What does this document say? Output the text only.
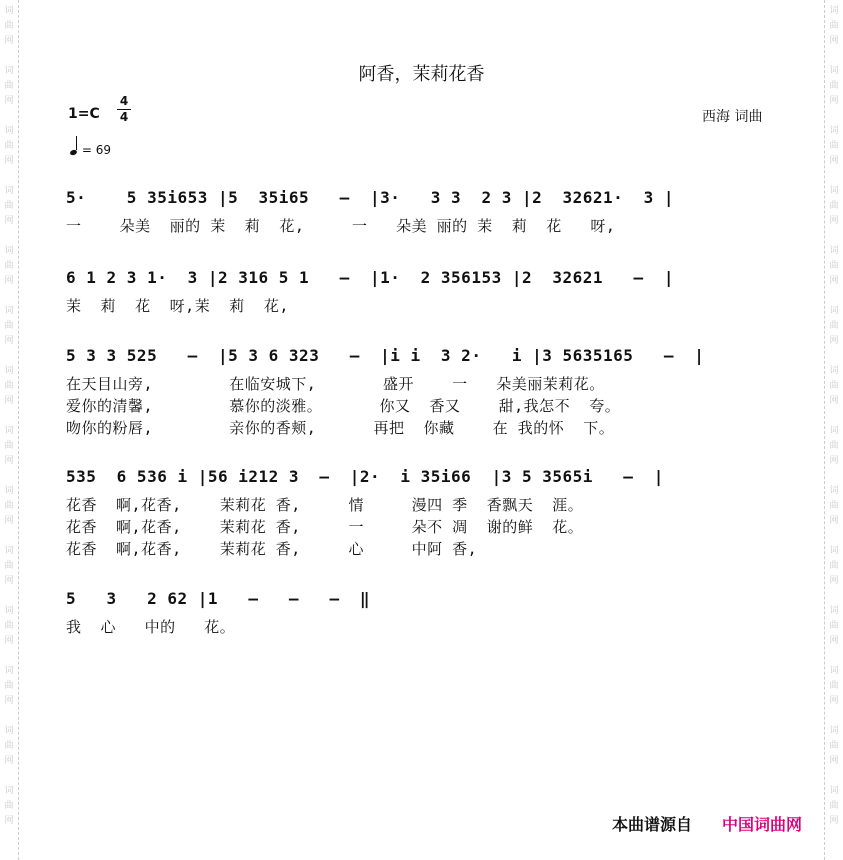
词
曲
网
词
曲
网
词
曲
网
词
曲
网
词
曲
网
词
曲
网
词
曲
网
词
曲
网
词
曲
网
词
曲
网
词
曲
网
词
曲
网
词
曲
网
词
曲
网
词
曲
网
词
曲
网
词
曲
网
词
曲
网
词
曲
网
词
曲
网
词
曲
网
词
曲
网
词
曲
网
词
曲
网
词
曲
网
词
曲
网
词
曲
网
词
曲
网
阿香，茉莉花香
1=C
4
4
= 69
西海 词曲
5·    5 35i653 |5  35i65   –  |3·   3 3  2 3 |2  32621·  3 |
一    朵美  丽的 茉  莉  花,     一   朵美 丽的 茉  莉  花   呀,
6 1 2 3 1·  3 |2 316 5 1   –  |1·  2 356153 |2  32621   –  |
茉  莉  花  呀,茉  莉  花,
5 3 3 525   –  |5 3 6 323   –  |i i  3 2·   i |3 5635165   –  |
在天目山旁,        在临安城下,       盛开    一   朵美丽茉莉花。
爱你的清馨,        慕你的淡雅。      你又  香又    甜,我怎不  夸。
吻你的粉唇,        亲你的香颊,      再把  你藏    在 我的怀  下。
535  6 536 i |56 i212 3  –  |2·  i 35i66  |3 5 3565i   –  |
花香  啊,花香,    茉莉花 香,     情     漫四 季  香飘天  涯。
花香  啊,花香,    茉莉花 香,     一     朵不 凋  谢的鲜  花。
花香  啊,花香,    茉莉花 香,     心     中阿 香,
5   3   2 62 |1   –   –   –  ‖
我  心   中的   花。
本曲谱源自 中国词曲网
